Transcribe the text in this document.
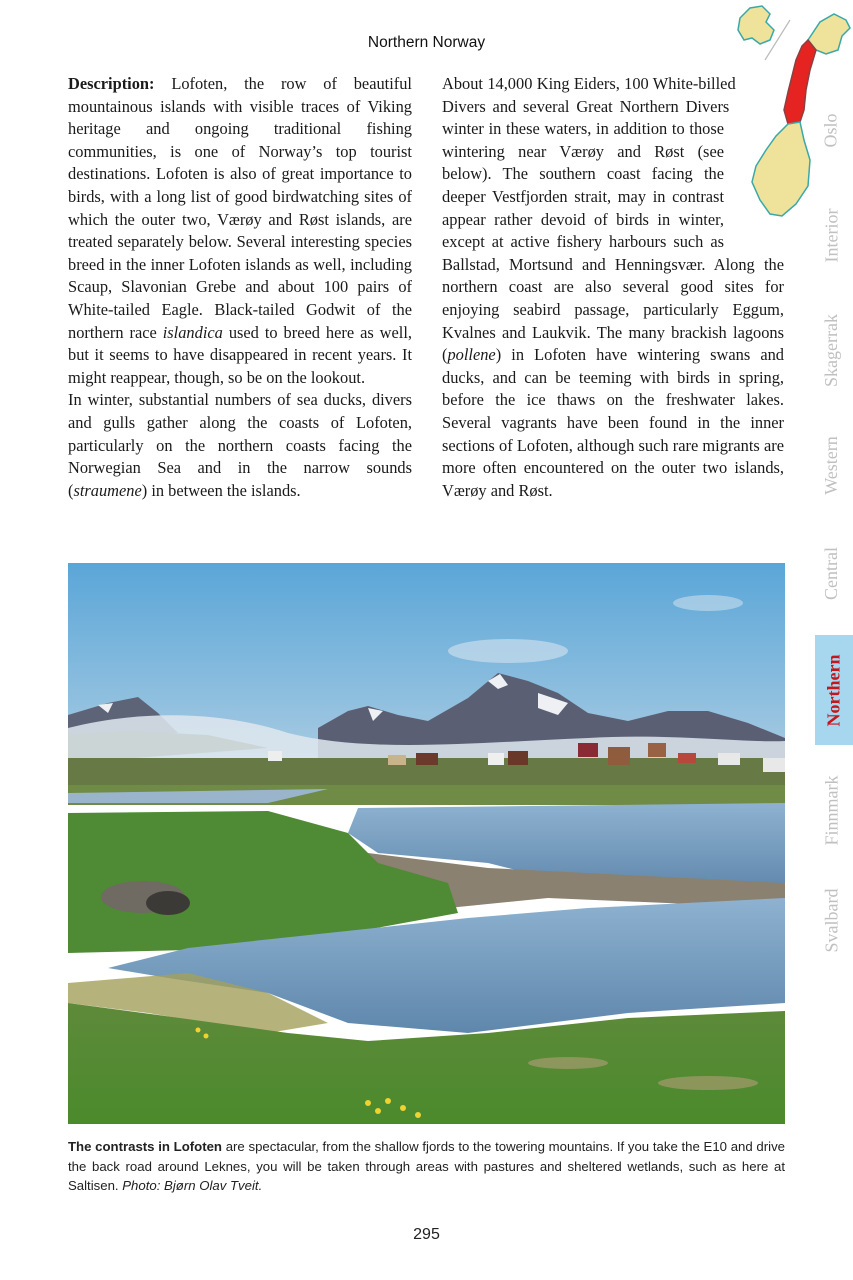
Northern Norway

Description: Lofoten, the row of beautiful mountainous islands with visible traces of Viking heritage and ongoing traditional fishing communities, is one of Norway’s top tourist destinations. Lofoten is also of great importance to birds, with a long list of good birdwatching sites of which the outer two, Værøy and Røst islands, are treated separately below. Several interesting species breed in the inner Lofoten islands as well, including Scaup, Slavonian Grebe and about 100 pairs of White-tailed Eagle. Black-tailed Godwit of the northern race islandica used to breed here as well, but it seems to have disappeared in recent years. It might reappear, though, so be on the lookout.

In winter, substantial numbers of sea ducks, divers and gulls gather along the coasts of Lofoten, particularly on the northern coasts facing the Norwegian Sea and in the narrow sounds (straumene) in between the islands.

About 14,000 King Eiders, 100 White-billed Divers and several Great Northern Divers winter in these waters, in addition to those wintering near Værøy and Røst (see below). The southern coast facing the deeper Vestfjorden strait, may in contrast appear rather devoid of birds in winter, except at active fishery harbours such as Ballstad, Mortsund and Henningsvær. Along the northern coast are also several good sites for enjoying seabird passage, particularly Eggum, Kvalnes and Laukvik. The many brackish lagoons (pollene) in Lofoten have wintering swans and ducks, and can be teeming with birds in spring, before the ice thaws on the freshwater lakes. Several vagrants have been found in the inner sections of Lofoten, although such rare migrants are more often encountered on the outer two islands, Værøy and Røst.

Oslo
Interior
Skagerrak
Western
Central
Northern
Finnmark
Svalbard
The contrasts in Lofoten are spectacular, from the shallow fjords to the towering mountains. If you take the E10 and drive the back road around Leknes, you will be taken through areas with pastures and sheltered wetlands, such as here at Saltisen. Photo: Bjørn Olav Tveit.
295
